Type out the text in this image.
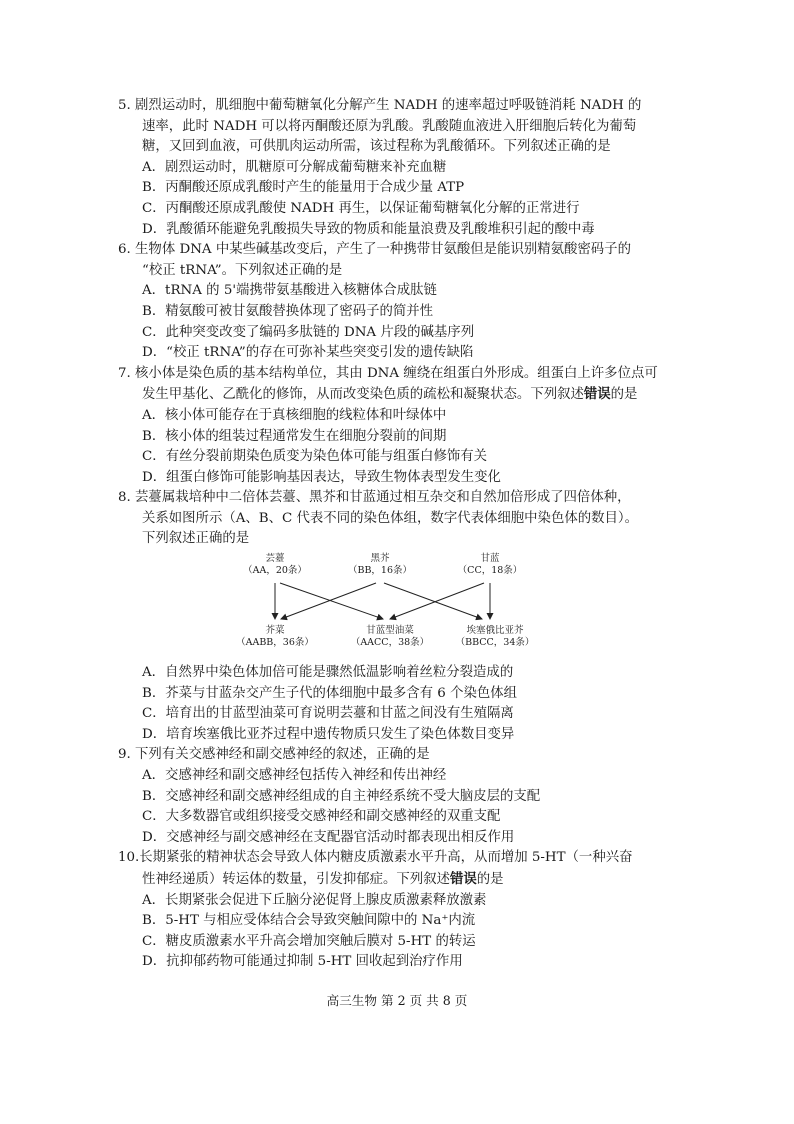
5. 剧烈运动时，肌细胞中葡萄糖氧化分解产生 NADH 的速率超过呼吸链消耗 NADH 的
速率，此时 NADH 可以将丙酮酸还原为乳酸。乳酸随血液进入肝细胞后转化为葡萄
糖，又回到血液，可供肌肉运动所需，该过程称为乳酸循环。下列叙述正确的是
A．剧烈运动时，肌糖原可分解成葡萄糖来补充血糖
B．丙酮酸还原成乳酸时产生的能量用于合成少量 ATP
C．丙酮酸还原成乳酸使 NADH 再生，以保证葡萄糖氧化分解的正常进行
D．乳酸循环能避免乳酸损失导致的物质和能量浪费及乳酸堆积引起的酸中毒
6. 生物体 DNA 中某些碱基改变后，产生了一种携带甘氨酸但是能识别精氨酸密码子的
“校正 tRNA”。下列叙述正确的是
A．tRNA 的 5'端携带氨基酸进入核糖体合成肽链
B．精氨酸可被甘氨酸替换体现了密码子的简并性
C．此种突变改变了编码多肽链的 DNA 片段的碱基序列
D．“校正 tRNA”的存在可弥补某些突变引发的遗传缺陷
7. 核小体是染色质的基本结构单位，其由 DNA 缠绕在组蛋白外形成。组蛋白上许多位点可
发生甲基化、乙酰化的修饰，从而改变染色质的疏松和凝聚状态。下列叙述错误的是
A．核小体可能存在于真核细胞的线粒体和叶绿体中
B．核小体的组装过程通常发生在细胞分裂前的间期
C．有丝分裂前期染色质变为染色体可能与组蛋白修饰有关
D．组蛋白修饰可能影响基因表达，导致生物体表型发生变化
8. 芸薹属栽培种中二倍体芸薹、黑芥和甘蓝通过相互杂交和自然加倍形成了四倍体种，
关系如图所示（A、B、C 代表不同的染色体组，数字代表体细胞中染色体的数目）。
下列叙述正确的是
芸薹
（AA，20条）
黑芥
（BB，16条）
甘蓝
（CC，18条）
芥菜
（AABB，36条）
甘蓝型油菜
（AACC，38条）
埃塞俄比亚芥
（BBCC，34条）
A．自然界中染色体加倍可能是骤然低温影响着丝粒分裂造成的
B．芥菜与甘蓝杂交产生子代的体细胞中最多含有 6 个染色体组
C．培育出的甘蓝型油菜可育说明芸薹和甘蓝之间没有生殖隔离
D．培育埃塞俄比亚芥过程中遗传物质只发生了染色体数目变异
9. 下列有关交感神经和副交感神经的叙述，正确的是
A．交感神经和副交感神经包括传入神经和传出神经
B．交感神经和副交感神经组成的自主神经系统不受大脑皮层的支配
C．大多数器官或组织接受交感神经和副交感神经的双重支配
D．交感神经与副交感神经在支配器官活动时都表现出相反作用
10.长期紧张的精神状态会导致人体内糖皮质激素水平升高，从而增加 5-HT（一种兴奋
性神经递质）转运体的数量，引发抑郁症。下列叙述错误的是
A．长期紧张会促进下丘脑分泌促肾上腺皮质激素释放激素
B．5-HT 与相应受体结合会导致突触间隙中的 Na⁺内流
C．糖皮质激素水平升高会增加突触后膜对 5-HT 的转运
D．抗抑郁药物可能通过抑制 5-HT 回收起到治疗作用
高三生物 第 2 页 共 8 页
